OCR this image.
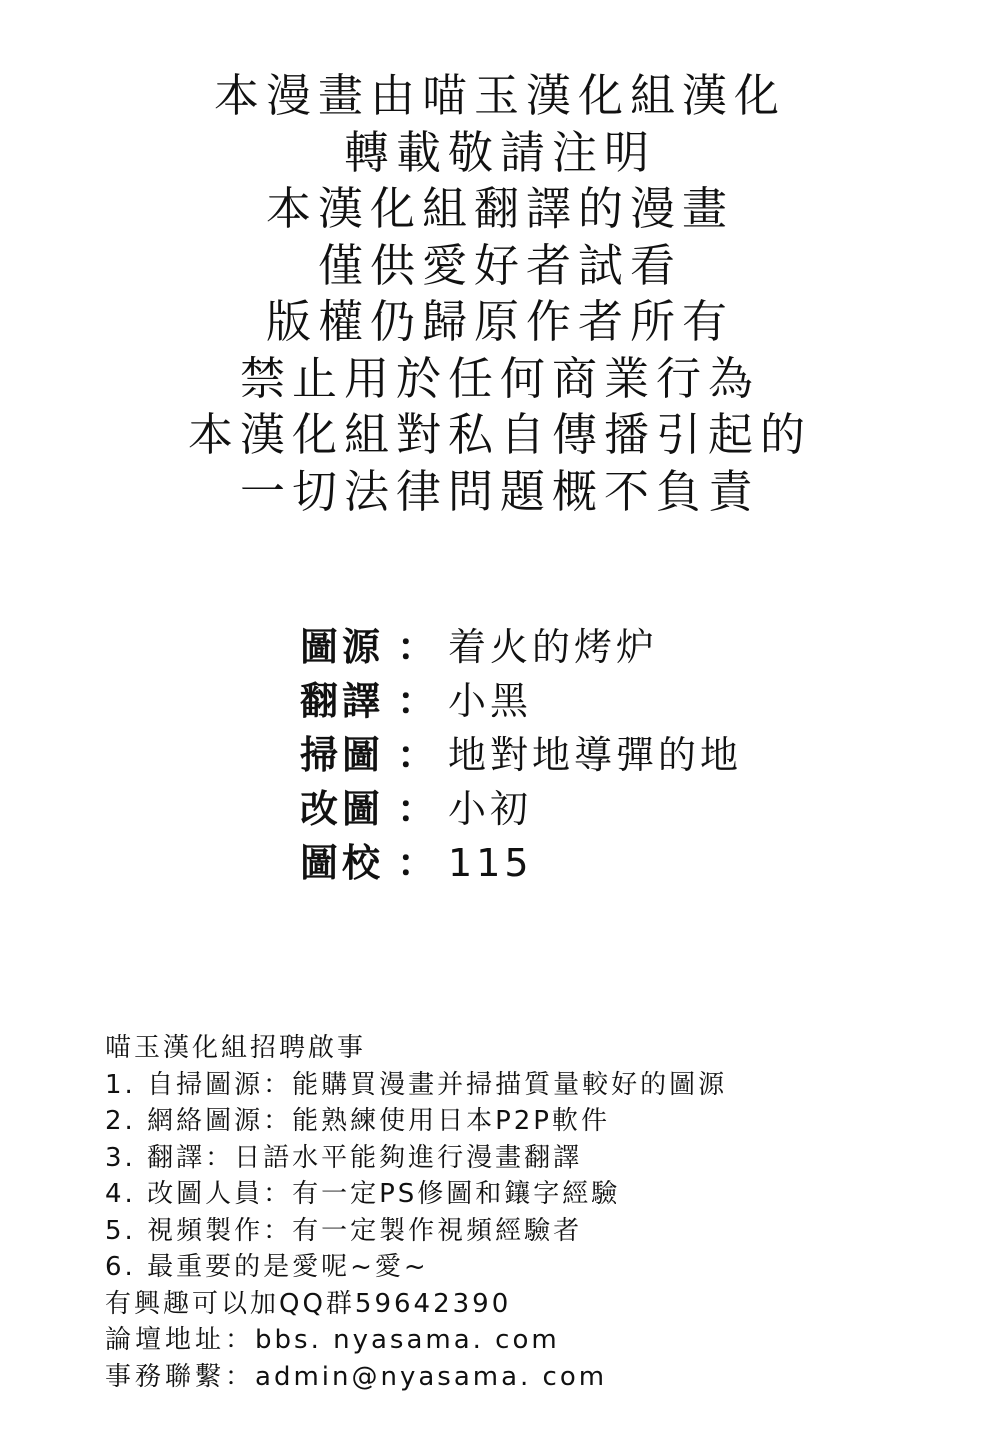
本漫畫由喵玉漢化組漢化
轉載敬請注明
本漢化組翻譯的漫畫
僅供愛好者試看
版權仍歸原作者所有
禁止用於任何商業行為
本漢化組對私自傳播引起的
一切法律問題概不負責
圖源 ： 着火的烤炉
翻譯 ： 小黑
掃圖 ： 地對地導彈的地
改圖 ： 小初
圖校 ： 115
喵玉漢化組招聘啟事
1. 自掃圖源：能購買漫畫并掃描質量較好的圖源
2. 網絡圖源：能熟練使用日本P2P軟件
3. 翻譯：日語水平能夠進行漫畫翻譯
4. 改圖人員：有一定PS修圖和鑲字經驗
5. 視頻製作：有一定製作視頻經驗者
6. 最重要的是愛呢~愛~
有興趣可以加QQ群59642390
論壇地址：bbs. nyasama. com
事務聯繫：admin@nyasama. com
